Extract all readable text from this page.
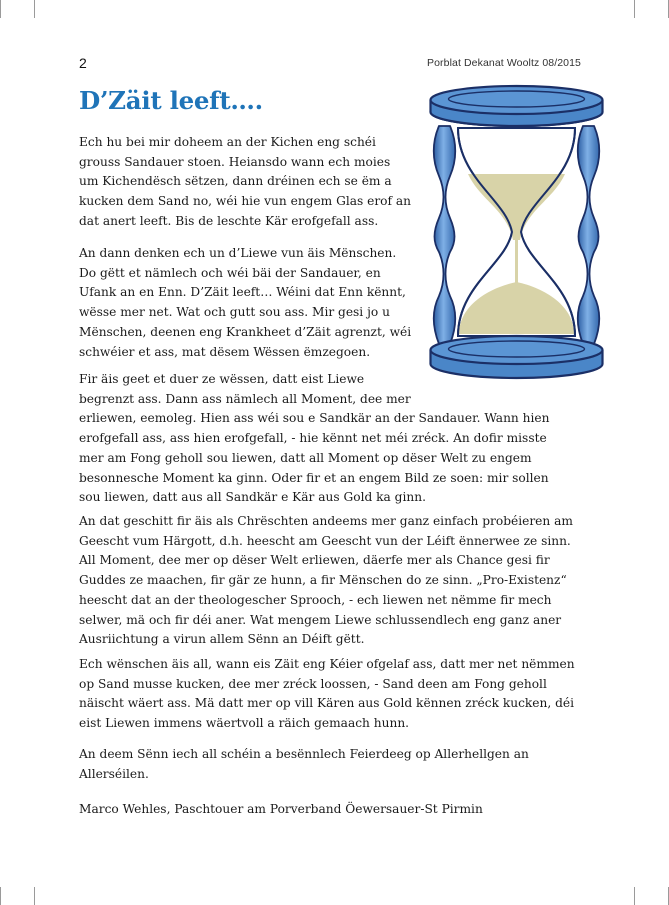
2	Porblat Dekanat Wooltz 08/2015
D’Zäit leeft….

Ech hu bei mir doheem an der Kichen eng schéi
grouss Sandauer stoen. Heiansdo wann ech moies
um Kichendësch sëtzen, dann dréinen ech se ëm a
kucken dem Sand no, wéi hie vun engem Glas erof an
dat anert leeft. Bis de leschte Kär erofgefall ass.

An dann denken ech un d’Liewe vun äis Mënschen.
Do gëtt et nämlech och wéi bäi der Sandauer, en
Ufank an en Enn. D’Zäit leeft… Wéini dat Enn kënnt,
wësse mer net. Wat och gutt sou ass. Mir gesi jo u
Mënschen, deenen eng Krankheet d’Zäit agrenzt, wéi
schwéier et ass, mat dësem Wëssen ëmzegoen.

Fir äis geet et duer ze wëssen, datt eist Liewe
begrenzt ass. Dann ass nämlech all Moment, dee mer
erliewen, eemoleg. Hien ass wéi sou e Sandkär an der Sandauer. Wann hien
erofgefall ass, ass hien erofgefall, - hie kënnt net méi zréck. An dofir misste
mer am Fong geholl sou liewen, datt all Moment op dëser Welt zu engem
besonnesche Moment ka ginn. Oder fir et an engem Bild ze soen: mir sollen
sou liewen, datt aus all Sandkär e Kär aus Gold ka ginn.

An dat geschitt fir äis als Chrëschten andeems mer ganz einfach probéieren am
Geescht vum Härgott, d.h. heescht am Geescht vun der Léift ënnerwee ze sinn.
All Moment, dee mer op dëser Welt erliewen, däerfe mer als Chance gesi fir
Guddes ze maachen, fir gär ze hunn, a fir Mënschen do ze sinn. „Pro-Existenz“
heescht dat an der theologescher Sprooch, - ech liewen net nëmme fir mech
selwer, mä och fir déi aner. Wat mengem Liewe schlussendlech eng ganz aner
Ausriichtung a virun allem Sënn an Déift gëtt.

Ech wënschen äis all, wann eis Zäit eng Kéier ofgelaf ass, datt mer net nëmmen
op Sand musse kucken, dee mer zréck loossen, - Sand deen am Fong geholl
näischt wäert ass. Mä datt mer op vill Kären aus Gold kënnen zréck kucken, déi
eist Liewen immens wäertvoll a räich gemaach hunn.

An deem Sënn iech all schéin a besënnlech Feierdeeg op Allerhellgen an
Allerséilen.

Marco Wehles, Paschtouer am Porverband Öewersauer-St Pirmin
